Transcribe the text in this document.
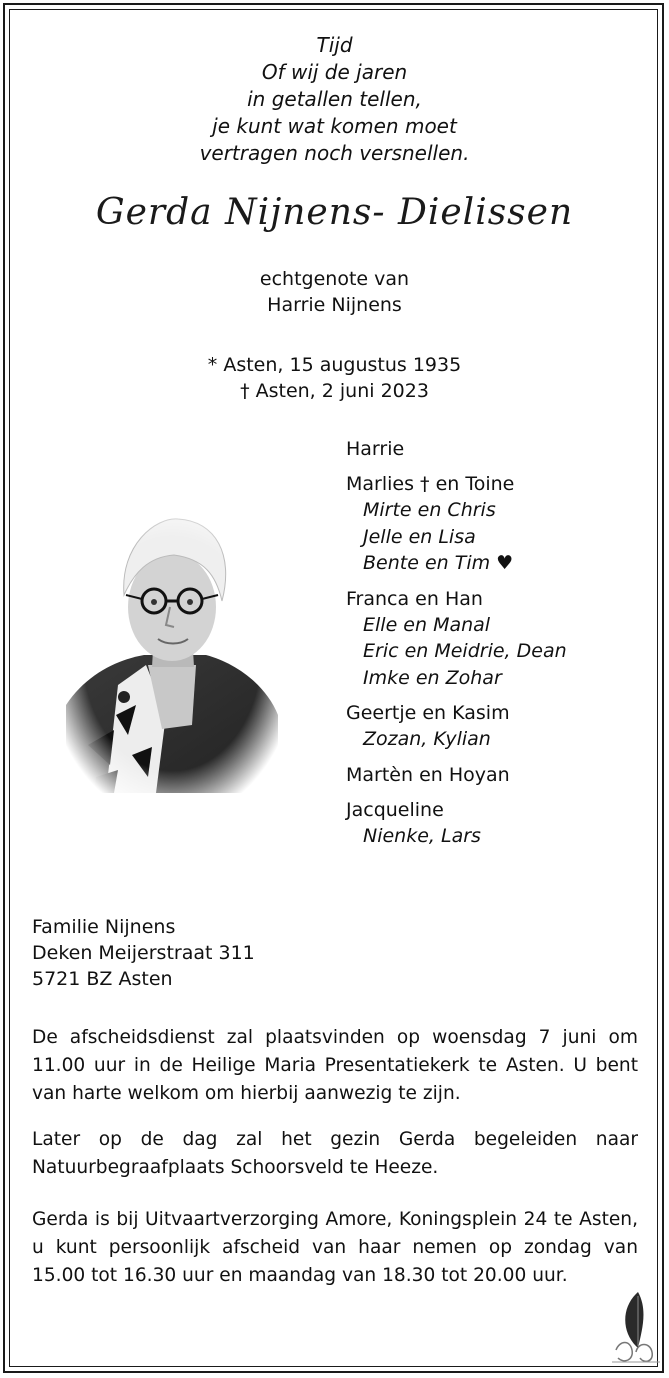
Tijd
Of wij de jaren
in getallen tellen,
je kunt wat komen moet
vertragen noch versnellen.
Gerda Nijnens- Dielissen
echtgenote van
Harrie Nijnens
* Asten, 15 augustus 1935
† Asten, 2 juni 2023
Harrie
Marlies † en Toine
Mirte en Chris
Jelle en Lisa
Bente en Tim ♥
Franca en Han
Elle en Manal
Eric en Meidrie, Dean
Imke en Zohar
Geertje en Kasim
Zozan, Kylian
Martèn en Hoyan
Jacqueline
Nienke, Lars
Familie Nijnens
Deken Meijerstraat 311
5721 BZ Asten
De afscheidsdienst zal plaatsvinden op woensdag 7 juni om 11.00 uur in de Heilige Maria Presentatiekerk te Asten. U bent van harte welkom om hierbij aanwezig te zijn.
Later op de dag zal het gezin Gerda begeleiden naar Natuurbegraafplaats Schoorsveld te Heeze.
Gerda is bij Uitvaartverzorging Amore, Koningsplein 24 te Asten, u kunt persoonlijk afscheid van haar nemen op zondag van 15.00 tot 16.30 uur en maandag van 18.30 tot 20.00 uur.
